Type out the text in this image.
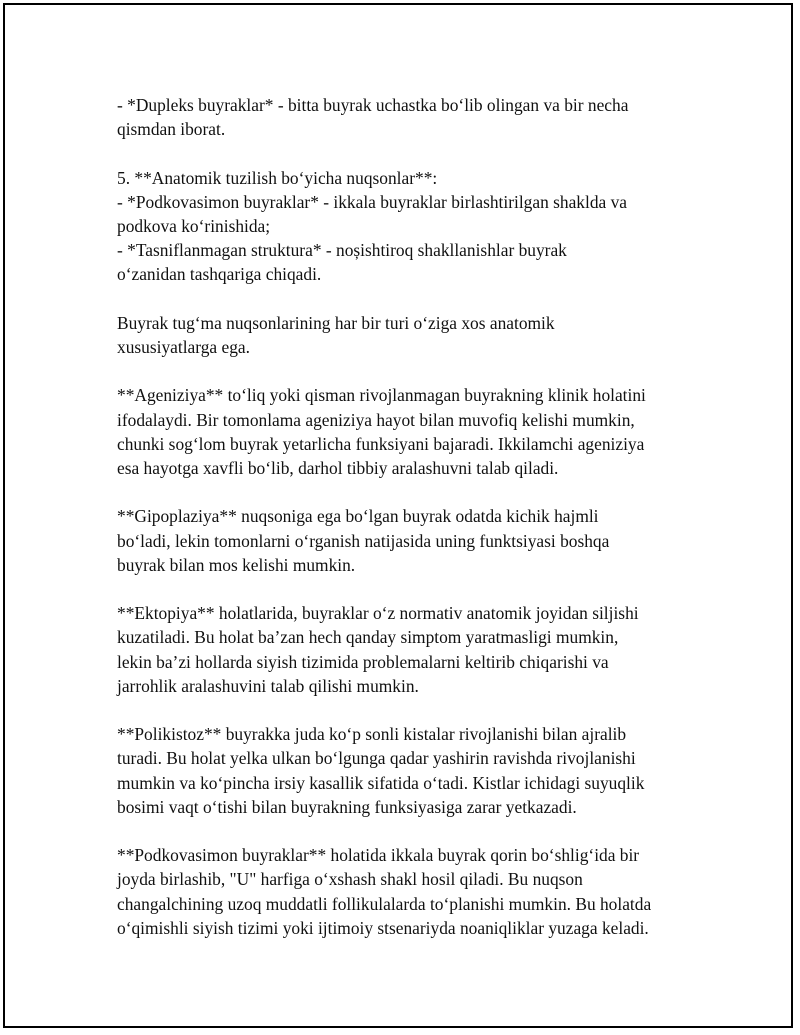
- *Dupleks buyraklar* - bitta buyrak uchastka bo‘lib olingan va bir necha
qismdan iborat.

5. **Anatomik tuzilish bo‘yicha nuqsonlar**:
- *Podkovasimon buyraklar* - ikkala buyraklar birlashtirilgan shaklda va
podkova ko‘rinishida;
- *Tasniflanmagan struktura* - noșishtiroq shakllanishlar buyrak
o‘zanidan tashqariga chiqadi.

Buyrak tug‘ma nuqsonlarining har bir turi o‘ziga xos anatomik
xususiyatlarga ega.

**Ageniziya** to‘liq yoki qisman rivojlanmagan buyrakning klinik holatini
ifodalaydi. Bir tomonlama ageniziya hayot bilan muvofiq kelishi mumkin,
chunki sog‘lom buyrak yetarlicha funksiyani bajaradi. Ikkilamchi ageniziya
esa hayotga xavfli bo‘lib, darhol tibbiy aralashuvni talab qiladi.

**Gipoplaziya** nuqsoniga ega bo‘lgan buyrak odatda kichik hajmli
bo‘ladi, lekin tomonlarni o‘rganish natijasida uning funktsiyasi boshqa
buyrak bilan mos kelishi mumkin.

**Ektopiya** holatlarida, buyraklar o‘z normativ anatomik joyidan siljishi
kuzatiladi. Bu holat ba’zan hech qanday simptom yaratmasligi mumkin,
lekin ba’zi hollarda siyish tizimida problemalarni keltirib chiqarishi va
jarrohlik aralashuvini talab qilishi mumkin.

**Polikistoz** buyrakka juda ko‘p sonli kistalar rivojlanishi bilan ajralib
turadi. Bu holat yelka ulkan bo‘lgunga qadar yashirin ravishda rivojlanishi
mumkin va ko‘pincha irsiy kasallik sifatida o‘tadi. Kistlar ichidagi suyuqlik
bosimi vaqt o‘tishi bilan buyrakning funksiyasiga zarar yetkazadi.

**Podkovasimon buyraklar** holatida ikkala buyrak qorin bo‘shlig‘ida bir
joyda birlashib, "U" harfiga o‘xshash shakl hosil qiladi. Bu nuqson
changalchining uzoq muddatli follikulalarda to‘planishi mumkin. Bu holatda
o‘qimishli siyish tizimi yoki ijtimoiy stsenariyda noaniqliklar yuzaga keladi.
